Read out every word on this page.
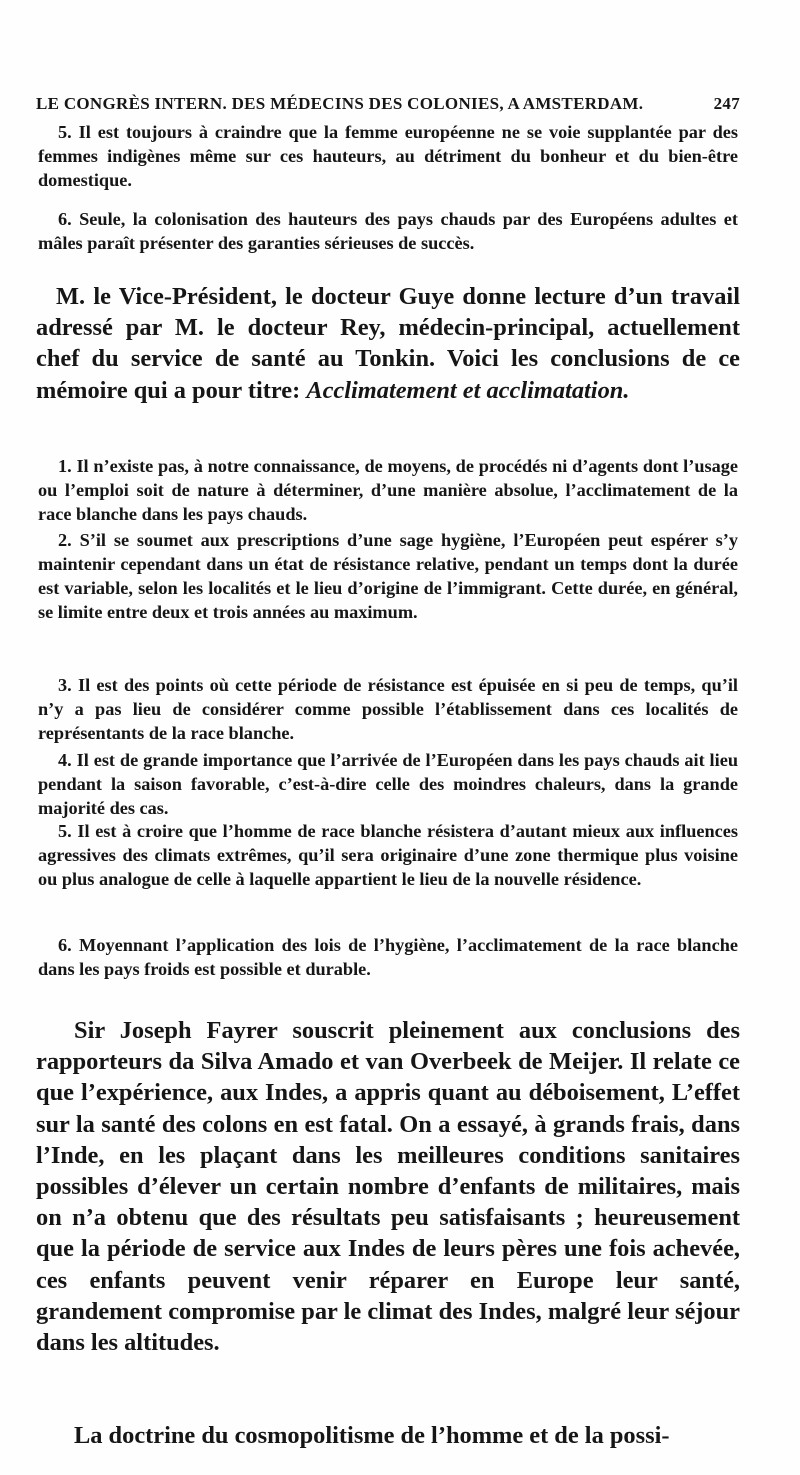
LE CONGRÈS INTERN. DES MÉDECINS DES COLONIES, A AMSTERDAM.	247

5. Il est toujours à craindre que la femme européenne ne se voie supplantée par des femmes indigènes même sur ces hauteurs, au détriment du bonheur et du bien-être domestique.

6. Seule, la colonisation des hauteurs des pays chauds par des Européens adultes et mâles paraît présenter des garanties sérieuses de succès.

M. le Vice-Président, le docteur Guye donne lecture d’un travail adressé par M. le docteur Rey, médecin-principal, actuellement chef du service de santé au Tonkin. Voici les conclusions de ce mémoire qui a pour titre: Acclimatement et acclimatation.

1. Il n’existe pas, à notre connaissance, de moyens, de procédés ni d’agents dont l’usage ou l’emploi soit de nature à déterminer, d’une manière absolue, l’acclimatement de la race blanche dans les pays chauds.

2. S’il se soumet aux prescriptions d’une sage hygiène, l’Européen peut espérer s’y maintenir cependant dans un état de résistance relative, pendant un temps dont la durée est variable, selon les localités et le lieu d’origine de l’immigrant. Cette durée, en général, se limite entre deux et trois années au maximum.

3. Il est des points où cette période de résistance est épuisée en si peu de temps, qu’il n’y a pas lieu de considérer comme possible l’établissement dans ces localités de représentants de la race blanche.

4. Il est de grande importance que l’arrivée de l’Européen dans les pays chauds ait lieu pendant la saison favorable, c’est-à-dire celle des moindres chaleurs, dans la grande majorité des cas.

5. Il est à croire que l’homme de race blanche résistera d’autant mieux aux influences agressives des climats extrêmes, qu’il sera originaire d’une zone thermique plus voisine ou plus analogue de celle à laquelle appartient le lieu de la nouvelle résidence.

6. Moyennant l’application des lois de l’hygiène, l’acclimatement de la race blanche dans les pays froids est possible et durable.

Sir Joseph Fayrer souscrit pleinement aux conclusions des rapporteurs da Silva Amado et van Overbeek de Meijer. Il relate ce que l’expérience, aux Indes, a appris quant au déboisement, L’effet sur la santé des colons en est fatal. On a essayé, à grands frais, dans l’Inde, en les plaçant dans les meilleures conditions sanitaires possibles d’élever un certain nombre d’enfants de militaires, mais on n’a obtenu que des résultats peu satisfaisants ; heureusement que la période de service aux Indes de leurs pères une fois achevée, ces enfants peuvent venir réparer en Europe leur santé, grandement compromise par le climat des Indes, malgré leur séjour dans les altitudes.

La doctrine du cosmopolitisme de l’homme et de la possi-
